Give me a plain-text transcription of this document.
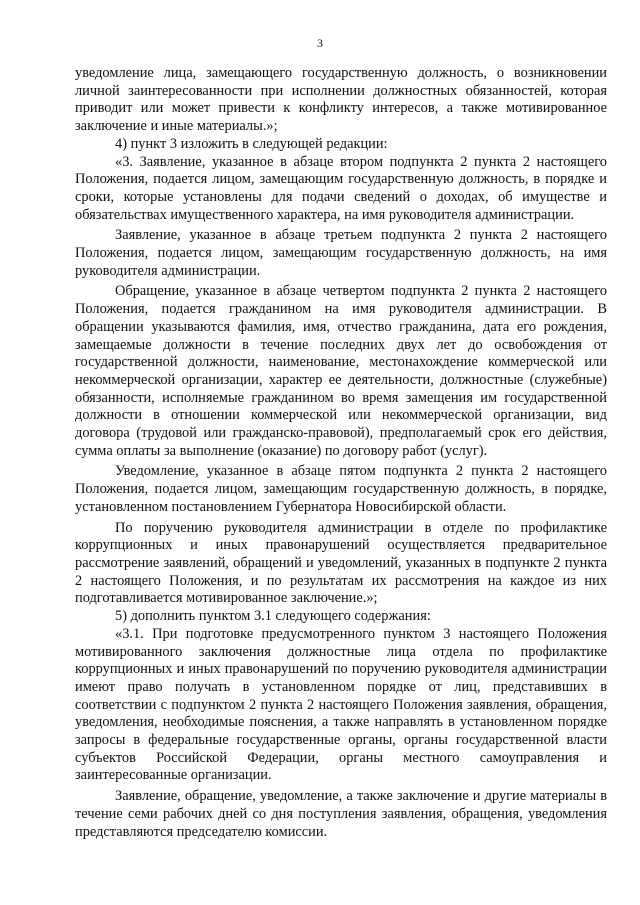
3

уведомление лица, замещающего государственную должность, о возникновении личной заинтересованности при исполнении должностных обязанностей, которая приводит или может привести к конфликту интересов, а также мотивированное заключение и иные материалы.»;

4) пункт 3 изложить в следующей редакции:

«3. Заявление, указанное в абзаце втором подпункта 2 пункта 2 настоящего Положения, подается лицом, замещающим государственную должность, в порядке и сроки, которые установлены для подачи сведений о доходах, об имуществе и обязательствах имущественного характера, на имя руководителя администрации.

Заявление, указанное в абзаце третьем подпункта 2 пункта 2 настоящего Положения, подается лицом, замещающим государственную должность, на имя руководителя администрации.

Обращение, указанное в абзаце четвертом подпункта 2 пункта 2 настоящего Положения, подается гражданином на имя руководителя администрации. В обращении указываются фамилия, имя, отчество гражданина, дата его рождения, замещаемые должности в течение последних двух лет до освобождения от государственной должности, наименование, местонахождение коммерческой или некоммерческой организации, характер ее деятельности, должностные (служебные) обязанности, исполняемые гражданином во время замещения им государственной должности в отношении коммерческой или некоммерческой организации, вид договора (трудовой или гражданско-правовой), предполагаемый срок его действия, сумма оплаты за выполнение (оказание) по договору работ (услуг).

Уведомление, указанное в абзаце пятом подпункта 2 пункта 2 настоящего Положения, подается лицом, замещающим государственную должность, в порядке, установленном постановлением Губернатора Новосибирской области.

По поручению руководителя администрации в отделе по профилактике коррупционных и иных правонарушений осуществляется предварительное рассмотрение заявлений, обращений и уведомлений, указанных в подпункте 2 пункта 2 настоящего Положения, и по результатам их рассмотрения на каждое из них подготавливается мотивированное заключение.»;

5) дополнить пунктом 3.1 следующего содержания:

«3.1. При подготовке предусмотренного пунктом 3 настоящего Положения мотивированного заключения должностные лица отдела по профилактике коррупционных и иных правонарушений по поручению руководителя администрации имеют право получать в установленном порядке от лиц, представивших в соответствии с подпунктом 2 пункта 2 настоящего Положения заявления, обращения, уведомления, необходимые пояснения, а также направлять в установленном порядке запросы в федеральные государственные органы, органы государственной власти субъектов Российской Федерации, органы местного самоуправления и заинтересованные организации.

Заявление, обращение, уведомление, а также заключение и другие материалы в течение семи рабочих дней со дня поступления заявления, обращения, уведомления представляются председателю комиссии.
